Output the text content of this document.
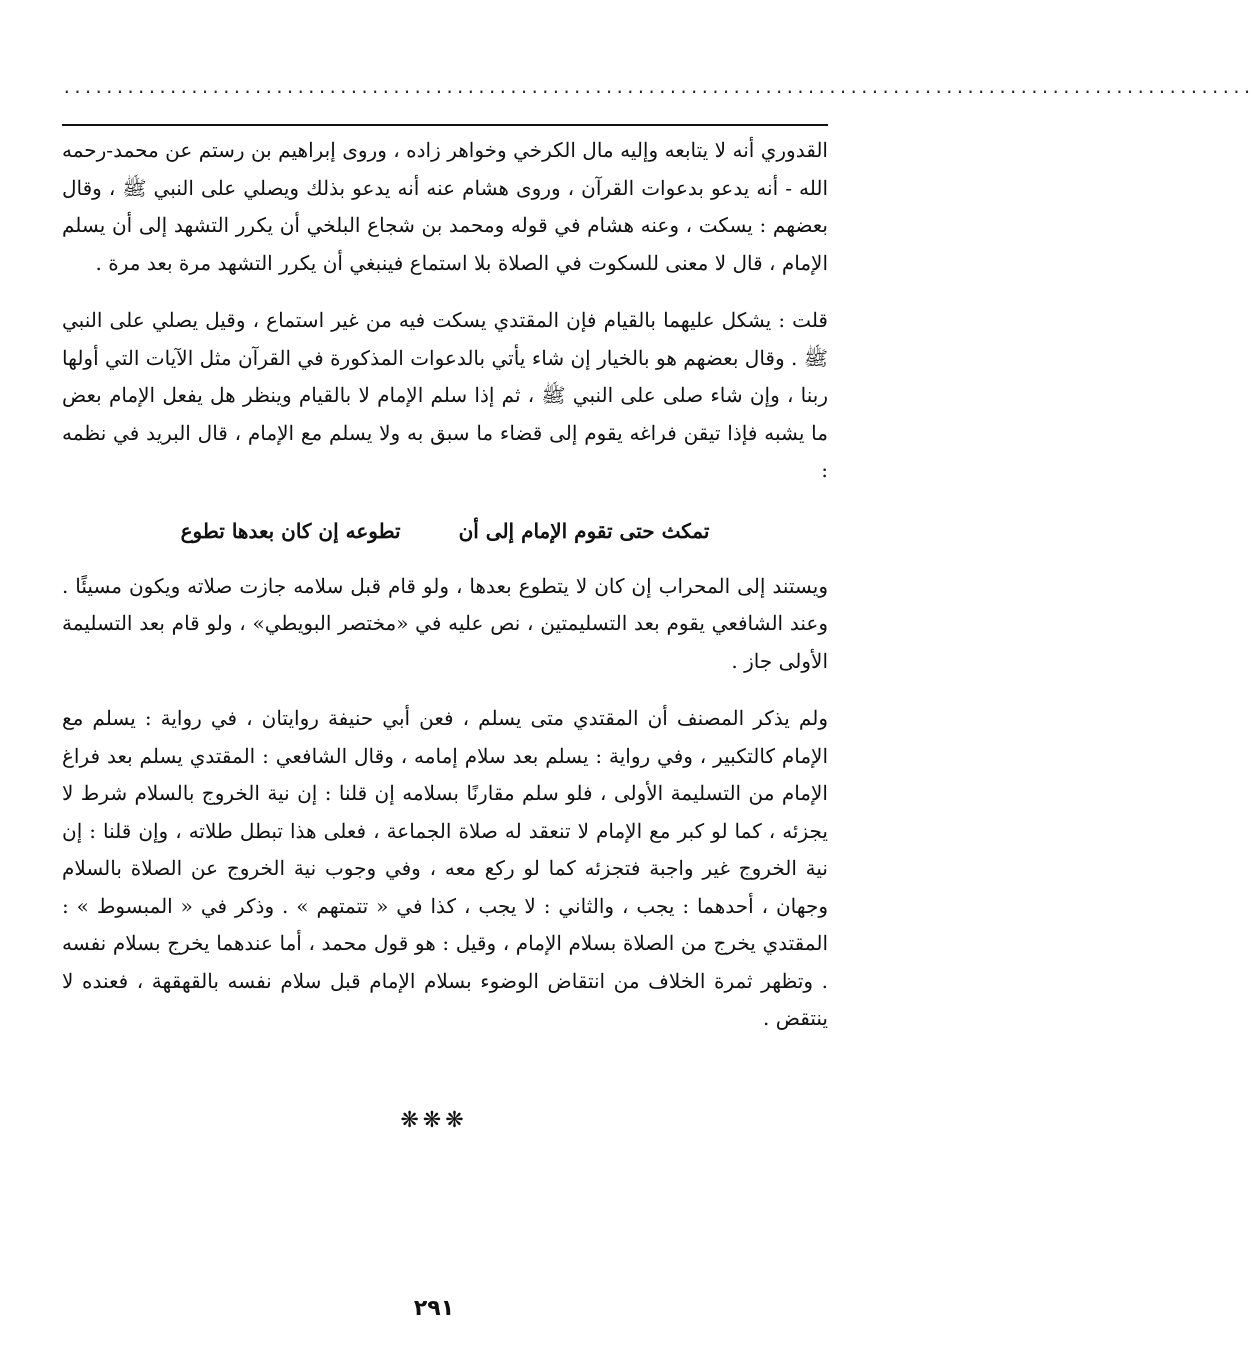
................................................................................................................

القدوري أنه لا يتابعه وإليه مال الكرخي وخواهر زاده ، وروى إبراهيم بن رستم عن محمد-رحمه الله - أنه يدعو بدعوات القرآن ، وروى هشام عنه أنه يدعو بذلك ويصلي على النبي ﷺ ، وقال بعضهم : يسكت ، وعنه هشام في قوله ومحمد بن شجاع البلخي أن يكرر التشهد إلى أن يسلم الإمام ، قال لا معنى للسكوت في الصلاة بلا استماع فينبغي أن يكرر التشهد مرة بعد مرة .

قلت : يشكل عليهما بالقيام فإن المقتدي يسكت فيه من غير استماع ، وقيل يصلي على النبي ﷺ . وقال بعضهم هو بالخيار إن شاء يأتي بالدعوات المذكورة في القرآن مثل الآيات التي أولها ربنا ، وإن شاء صلى على النبي ﷺ ، ثم إذا سلم الإمام لا بالقيام وينظر هل يفعل الإمام بعض ما يشبه فإذا تيقن فراغه يقوم إلى قضاء ما سبق به ولا يسلم مع الإمام ، قال البريد في نظمه :

تمكث حتى تقوم الإمام إلى أن
تطوعه إن كان بعدها تطوع

ويستند إلى المحراب إن كان لا يتطوع بعدها ، ولو قام قبل سلامه جازت صلاته ويكون مسيئًا . وعند الشافعي يقوم بعد التسليمتين ، نص عليه في «مختصر البويطي» ، ولو قام بعد التسليمة الأولى جاز .

ولم يذكر المصنف أن المقتدي متى يسلم ، فعن أبي حنيفة روايتان ، في رواية : يسلم مع الإمام كالتكبير ، وفي رواية : يسلم بعد سلام إمامه ، وقال الشافعي : المقتدي يسلم بعد فراغ الإمام من التسليمة الأولى ، فلو سلم مقارنًا بسلامه إن قلنا : إن نية الخروج بالسلام شرط لا يجزئه ، كما لو كبر مع الإمام لا تنعقد له صلاة الجماعة ، فعلى هذا تبطل طلاته ، وإن قلنا : إن نية الخروج غير واجبة فتجزئه كما لو ركع معه ، وفي وجوب نية الخروج عن الصلاة بالسلام وجهان ، أحدهما : يجب ، والثاني : لا يجب ، كذا في « تتمتهم » . وذكر في « المبسوط » : المقتدي يخرج من الصلاة بسلام الإمام ، وقيل : هو قول محمد ، أما عندهما يخرج بسلام نفسه . وتظهر ثمرة الخلاف من انتقاض الوضوء بسلام الإمام قبل سلام نفسه بالقهقهة ، فعنده لا ينتقض .

❋❋❋
٢٩١
